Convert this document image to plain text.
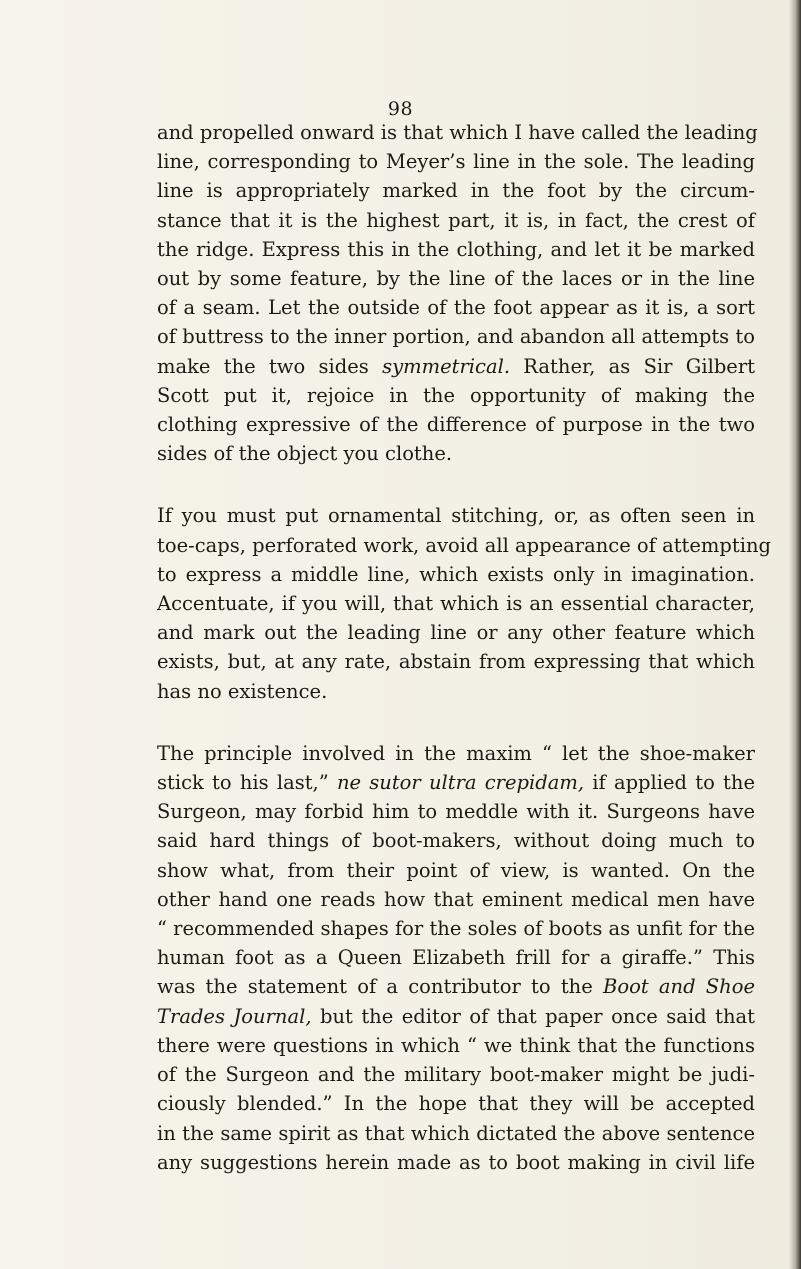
98

and propelled onward is that which I have called the leading
line, corresponding to Meyer’s line in the sole. The leading
line is appropriately marked in the foot by the circum-
stance that it is the highest part, it is, in fact, the crest of
the ridge. Express this in the clothing, and let it be marked
out by some feature, by the line of the laces or in the line
of a seam. Let the outside of the foot appear as it is, a sort
of buttress to the inner portion, and abandon all attempts to
make the two sides symmetrical. Rather, as Sir Gilbert
Scott put it, rejoice in the opportunity of making the
clothing expressive of the difference of purpose in the two
sides of the object you clothe.

If you must put ornamental stitching, or, as often seen in
toe-caps, perforated work, avoid all appearance of attempting
to express a middle line, which exists only in imagination.
Accentuate, if you will, that which is an essential character,
and mark out the leading line or any other feature which
exists, but, at any rate, abstain from expressing that which
has no existence.

The principle involved in the maxim “ let the shoe-maker
stick to his last,” ne sutor ultra crepidam, if applied to the
Surgeon, may forbid him to meddle with it. Surgeons have
said hard things of boot-makers, without doing much to
show what, from their point of view, is wanted. On the
other hand one reads how that eminent medical men have
“ recommended shapes for the soles of boots as unfit for the
human foot as a Queen Elizabeth frill for a giraffe.” This
was the statement of a contributor to the Boot and Shoe
Trades Journal, but the editor of that paper once said that
there were questions in which “ we think that the functions
of the Surgeon and the military boot-maker might be judi-
ciously blended.” In the hope that they will be accepted
in the same spirit as that which dictated the above sentence
any suggestions herein made as to boot making in civil life
